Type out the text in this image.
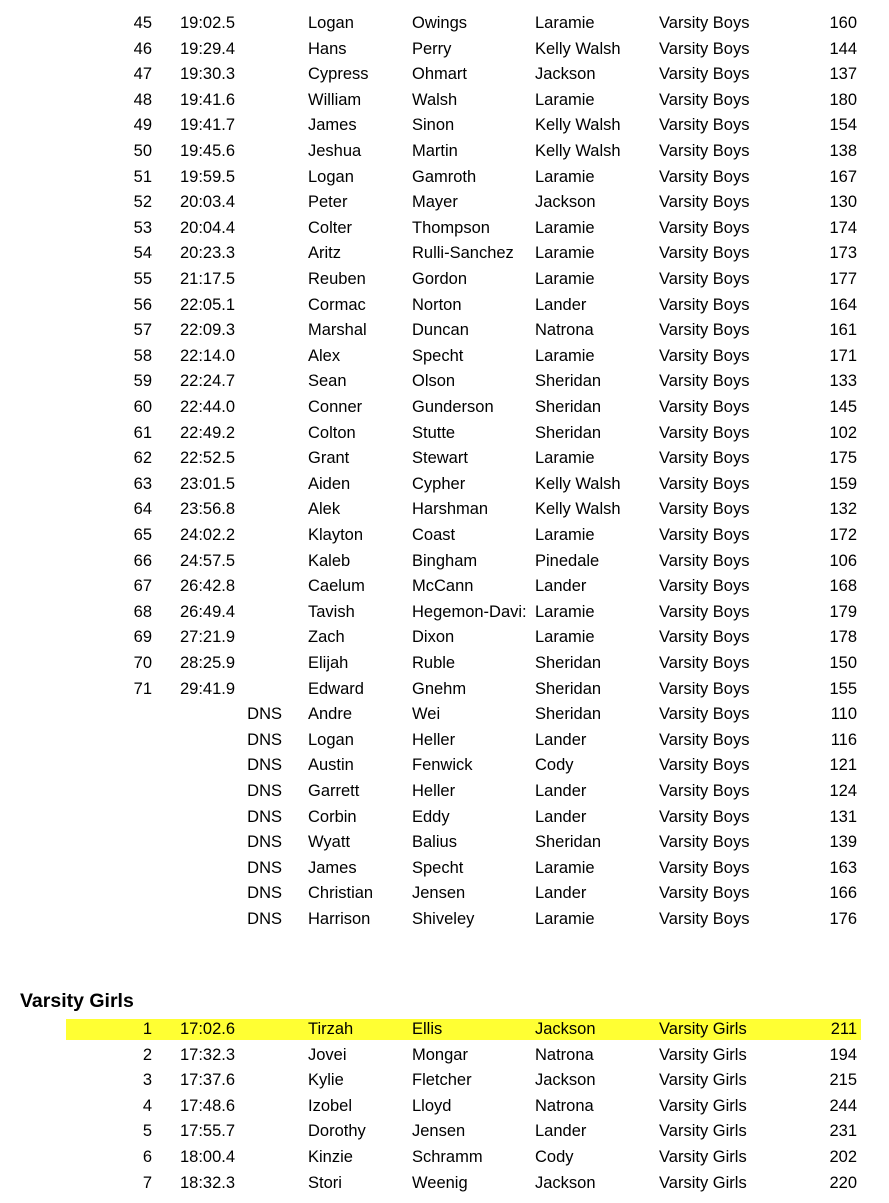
45 19:02.5	Logan	Owings	Laramie	Varsity Boys	160
46 19:29.4	Hans	Perry	Kelly Walsh	Varsity Boys	144
47 19:30.3	Cypress	Ohmart	Jackson	Varsity Boys	137
48 19:41.6	William	Walsh	Laramie	Varsity Boys	180
49 19:41.7	James	Sinon	Kelly Walsh	Varsity Boys	154
50 19:45.6	Jeshua	Martin	Kelly Walsh	Varsity Boys	138
51 19:59.5	Logan	Gamroth	Laramie	Varsity Boys	167
52 20:03.4	Peter	Mayer	Jackson	Varsity Boys	130
53 20:04.4	Colter	Thompson	Laramie	Varsity Boys	174
54 20:23.3	Aritz	Rulli-Sanchez	Laramie	Varsity Boys	173
55 21:17.5	Reuben	Gordon	Laramie	Varsity Boys	177
56 22:05.1	Cormac	Norton	Lander	Varsity Boys	164
57 22:09.3	Marshal	Duncan	Natrona	Varsity Boys	161
58 22:14.0	Alex	Specht	Laramie	Varsity Boys	171
59 22:24.7	Sean	Olson	Sheridan	Varsity Boys	133
60 22:44.0	Conner	Gunderson	Sheridan	Varsity Boys	145
61 22:49.2	Colton	Stutte	Sheridan	Varsity Boys	102
62 22:52.5	Grant	Stewart	Laramie	Varsity Boys	175
63 23:01.5	Aiden	Cypher	Kelly Walsh	Varsity Boys	159
64 23:56.8	Alek	Harshman	Kelly Walsh	Varsity Boys	132
65 24:02.2	Klayton	Coast	Laramie	Varsity Boys	172
66 24:57.5	Kaleb	Bingham	Pinedale	Varsity Boys	106
67 26:42.8	Caelum	McCann	Lander	Varsity Boys	168
68 26:49.4	Tavish	Hegemon-Davi: Laramie	Varsity Boys	179
69 27:21.9	Zach	Dixon	Laramie	Varsity Boys	178
70 28:25.9	Elijah	Ruble	Sheridan	Varsity Boys	150
71 29:41.9	Edward	Gnehm	Sheridan	Varsity Boys	155
DNS Andre	Wei	Sheridan	Varsity Boys	110
DNS Logan	Heller	Lander	Varsity Boys	116
DNS Austin	Fenwick	Cody	Varsity Boys	121
DNS Garrett	Heller	Lander	Varsity Boys	124
DNS Corbin	Eddy	Lander	Varsity Boys	131
DNS Wyatt	Balius	Sheridan	Varsity Boys	139
DNS James	Specht	Laramie	Varsity Boys	163
DNS Christian	Jensen	Lander	Varsity Boys	166
DNS Harrison	Shiveley	Laramie	Varsity Boys	176
Varsity Girls
1 17:02.6	Tirzah	Ellis	Jackson	Varsity Girls	211
2 17:32.3	Jovei	Mongar	Natrona	Varsity Girls	194
3 17:37.6	Kylie	Fletcher	Jackson	Varsity Girls	215
4 17:48.6	Izobel	Lloyd	Natrona	Varsity Girls	244
5 17:55.7	Dorothy	Jensen	Lander	Varsity Girls	231
6 18:00.4	Kinzie	Schramm	Cody	Varsity Girls	202
7 18:32.3	Stori	Weenig	Jackson	Varsity Girls	220
